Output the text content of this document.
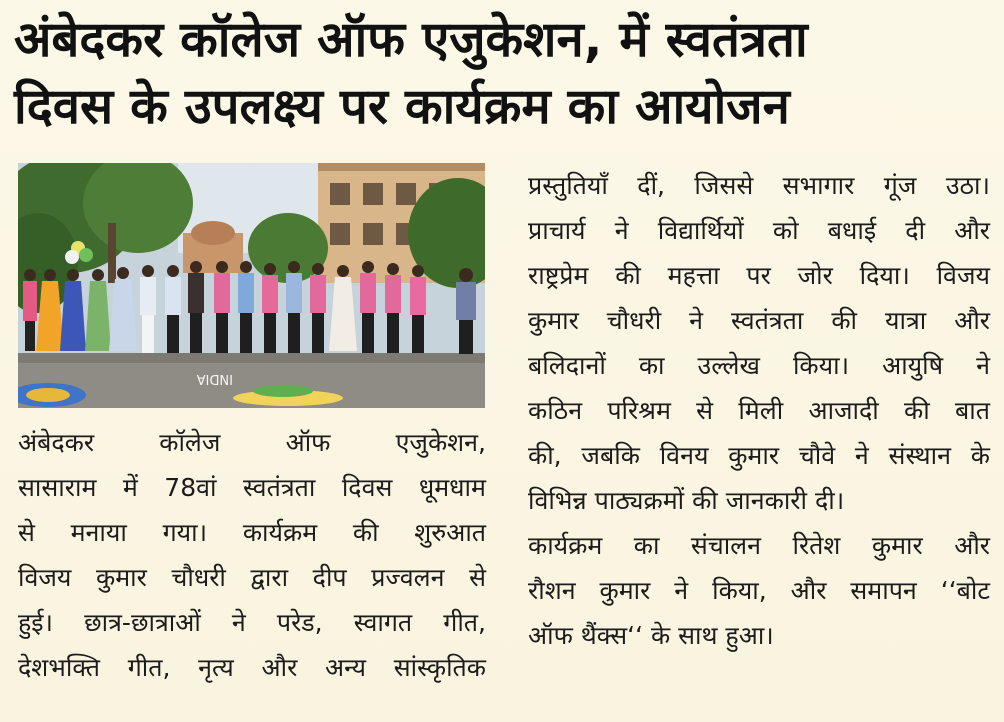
अंबेदकर कॉलेज ऑफ एजुकेशन, में स्वतंत्रता
दिवस के उपलक्ष्य पर कार्यक्रम का आयोजन
INDIA
अंबेदकर कॉलेज ऑफ एजुकेशन,
सासाराम में 78वां स्वतंत्रता दिवस धूमधाम
से मनाया गया। कार्यक्रम की शुरुआत
विजय कुमार चौधरी द्वारा दीप प्रज्वलन से
हुई। छात्र-छात्राओं ने परेड, स्वागत गीत,
देशभक्ति गीत, नृत्य और अन्य सांस्कृतिक
प्रस्तुतियाँ दीं, जिससे सभागार गूंज उठा।
प्राचार्य ने विद्यार्थियों को बधाई दी और
राष्ट्रप्रेम की महत्ता पर जोर दिया। विजय
कुमार चौधरी ने स्वतंत्रता की यात्रा और
बलिदानों का उल्लेख किया। आयुषि ने
कठिन परिश्रम से मिली आजादी की बात
की, जबकि विनय कुमार चौवे ने संस्थान के
विभिन्न पाठ्यक्रमों की जानकारी दी।
कार्यक्रम का संचालन रितेश कुमार और
रौशन कुमार ने किया, और समापन ‘‘बोट
ऑफ थैंक्स‘‘ के साथ हुआ।
